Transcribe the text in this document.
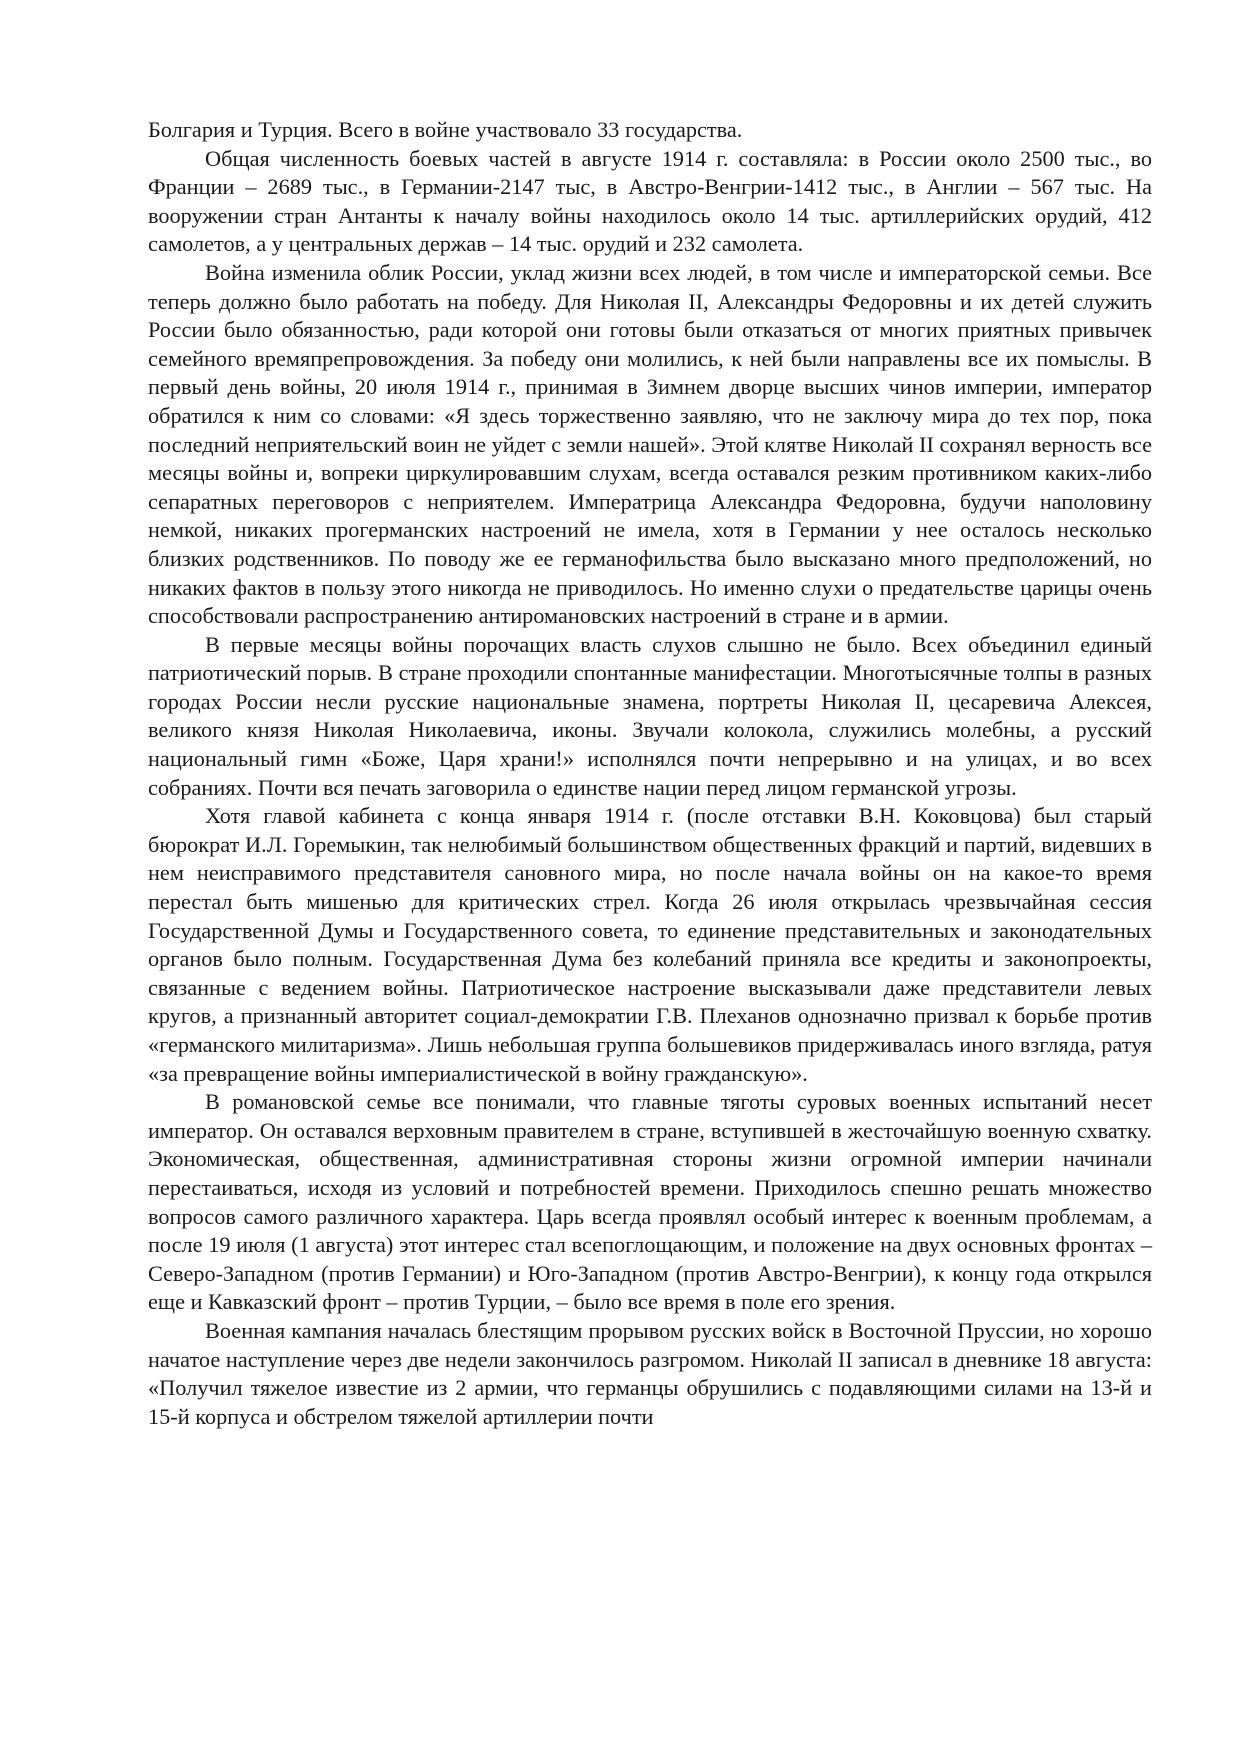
Болгария и Турция. Всего в войне участвовало 33 государства.

Общая численность боевых частей в августе 1914 г. составляла: в России около 2500 тыс., во Франции – 2689 тыс., в Германии-2147 тыс, в Австро-Венгрии-1412 тыс., в Англии – 567 тыс. На вооружении стран Антанты к началу войны находилось около 14 тыс. артиллерийских орудий, 412 самолетов, а у центральных держав – 14 тыс. орудий и 232 самолета.

Война изменила облик России, уклад жизни всех людей, в том числе и императорской семьи. Все теперь должно было работать на победу. Для Николая II, Александры Федоровны и их детей служить России было обязанностью, ради которой они готовы были отказаться от многих приятных привычек семейного времяпрепровождения. За победу они молились, к ней были направлены все их помыслы. В первый день войны, 20 июля 1914 г., принимая в Зимнем дворце высших чинов империи, император обратился к ним со словами: «Я здесь торжественно заявляю, что не заключу мира до тех пор, пока последний неприятельский воин не уйдет с земли нашей». Этой клятве Николай II сохранял верность все месяцы войны и, вопреки циркулировавшим слухам, всегда оставался резким противником каких-либо сепаратных переговоров с неприятелем. Императрица Александра Федоровна, будучи наполовину немкой, никаких прогерманских настроений не имела, хотя в Германии у нее осталось несколько близких родственников. По поводу же ее германофильства было высказано много предположений, но никаких фактов в пользу этого никогда не приводилось. Но именно слухи о предательстве царицы очень способствовали распространению антиромановских настроений в стране и в армии.

В первые месяцы войны порочащих власть слухов слышно не было. Всех объединил единый патриотический порыв. В стране проходили спонтанные манифестации. Многотысячные толпы в разных городах России несли русские национальные знамена, портреты Николая II, цесаревича Алексея, великого князя Николая Николаевича, иконы. Звучали колокола, служились молебны, а русский национальный гимн «Боже, Царя храни!» исполнялся почти непрерывно и на улицах, и во всех собраниях. Почти вся печать заговорила о единстве нации перед лицом германской угрозы.

Хотя главой кабинета с конца января 1914 г. (после отставки В.Н. Коковцова) был старый бюрократ И.Л. Горемыкин, так нелюбимый большинством общественных фракций и партий, видевших в нем неисправимого представителя сановного мира, но после начала войны он на какое-то время перестал быть мишенью для критических стрел. Когда 26 июля открылась чрезвычайная сессия Государственной Думы и Государственного совета, то единение представительных и законодательных органов было полным. Государственная Дума без колебаний приняла все кредиты и законопроекты, связанные с ведением войны. Патриотическое настроение высказывали даже представители левых кругов, а признанный авторитет социал-демократии Г.В. Плеханов однозначно призвал к борьбе против «германского милитаризма». Лишь небольшая группа большевиков придерживалась иного взгляда, ратуя «за превращение войны империалистической в войну гражданскую».

В романовской семье все понимали, что главные тяготы суровых военных испытаний несет император. Он оставался верховным правителем в стране, вступившей в жесточайшую военную схватку. Экономическая, общественная, административная стороны жизни огромной империи начинали перестаиваться, исходя из условий и потребностей времени. Приходилось спешно решать множество вопросов самого различного характера. Царь всегда проявлял особый интерес к военным проблемам, а после 19 июля (1 августа) этот интерес стал всепоглощающим, и положение на двух основных фронтах – Северо-Западном (против Германии) и Юго-Западном (против Австро-Венгрии), к концу года открылся еще и Кавказский фронт – против Турции, – было все время в поле его зрения.

Военная кампания началась блестящим прорывом русских войск в Восточной Пруссии, но хорошо начатое наступление через две недели закончилось разгромом. Николай II записал в дневнике 18 августа: «Получил тяжелое известие из 2 армии, что германцы обрушились с подавляющими силами на 13-й и 15-й корпуса и обстрелом тяжелой артиллерии почти
